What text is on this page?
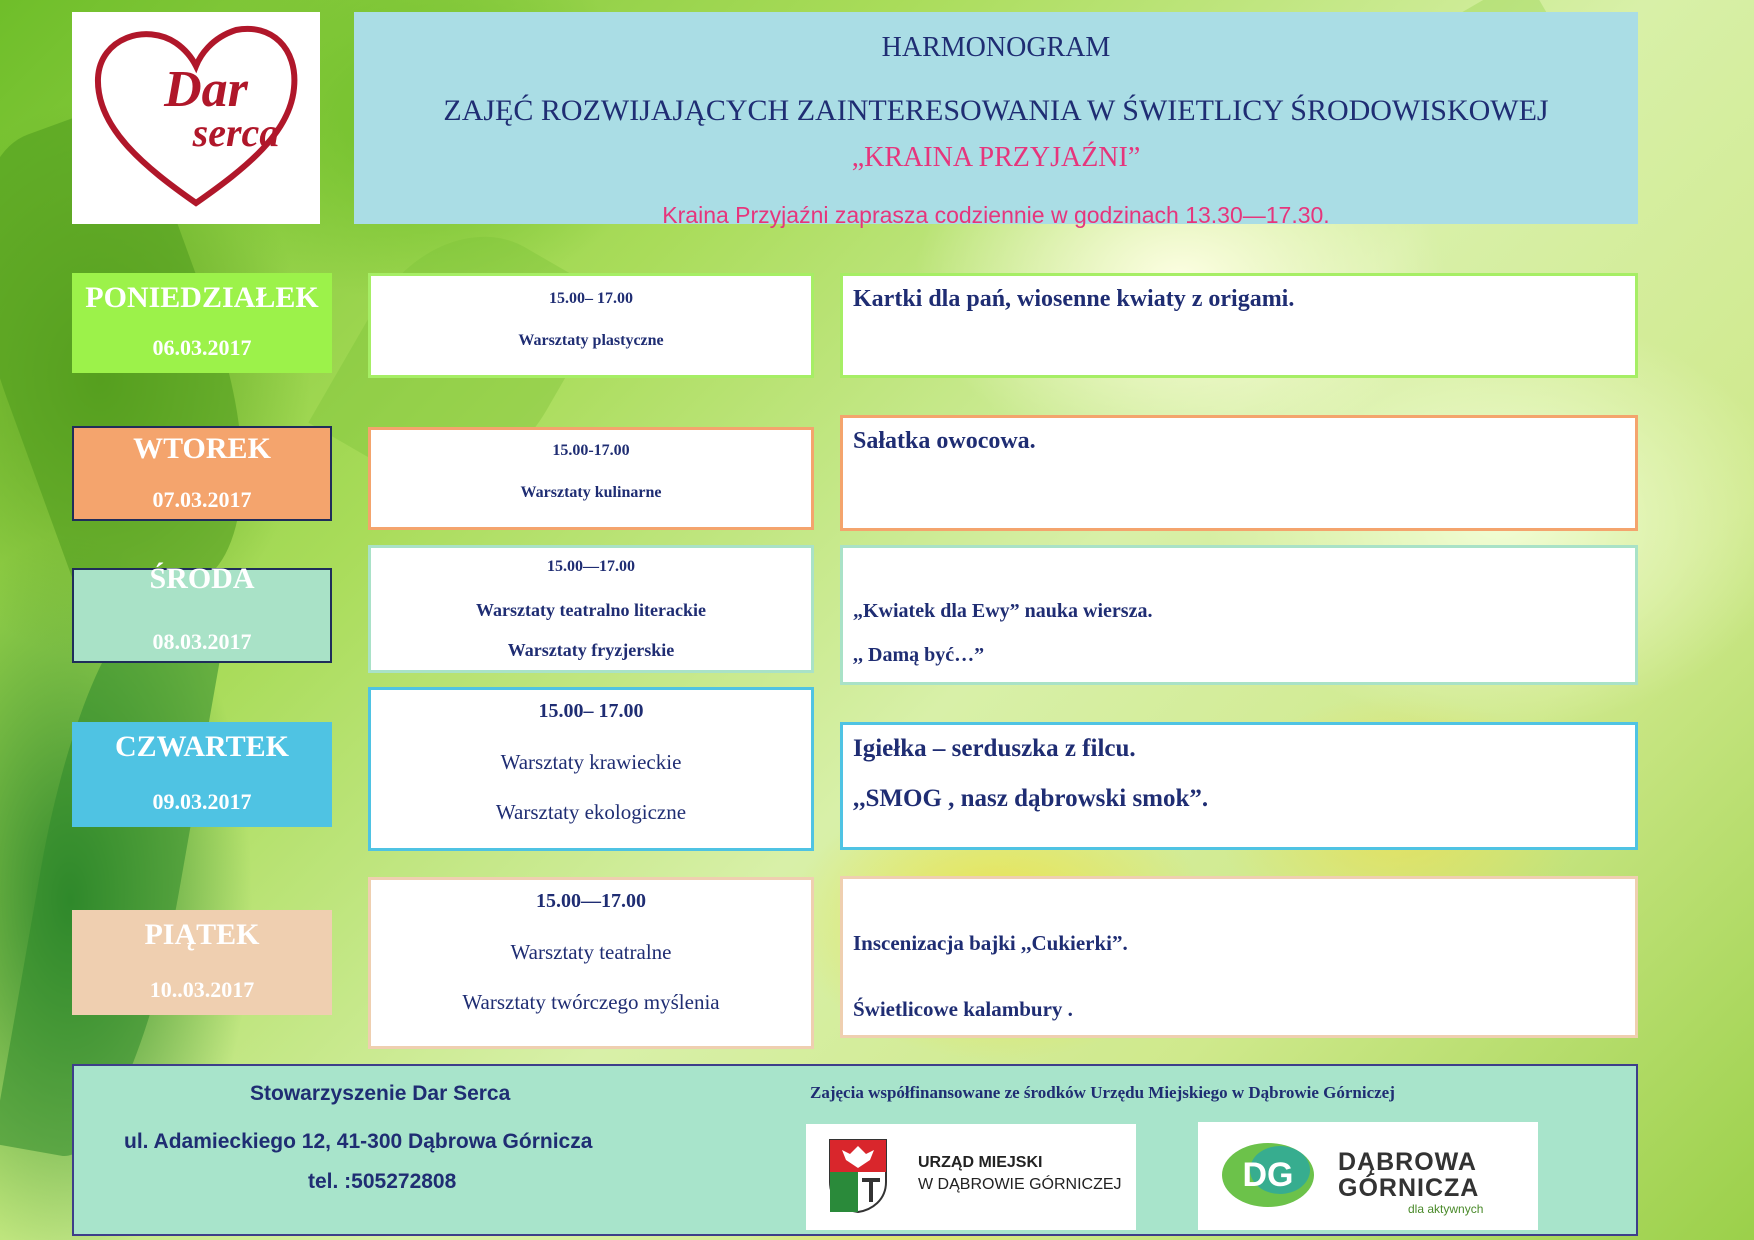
Dar
serca
HARMONOGRAM
ZAJĘĆ ROZWIJAJĄCYCH ZAINTERESOWANIA W ŚWIETLICY ŚRODOWISKOWEJ
„KRAINA PRZYJAŹNI”
Kraina Przyjaźni zaprasza codziennie w godzinach 13.30—17.30.
PONIEDZIAŁEK
06.03.2017
15.00– 17.00
Warsztaty plastyczne
Kartki dla pań, wiosenne kwiaty z origami.
WTOREK
07.03.2017
15.00-17.00
Warsztaty kulinarne
Sałatka owocowa.
ŚRODA
08.03.2017
15.00—17.00
Warsztaty teatralno literackie
Warsztaty fryzjerskie
„Kwiatek dla Ewy” nauka wiersza.
,, Damą być…”
CZWARTEK
09.03.2017
15.00– 17.00
Warsztaty krawieckie
Warsztaty ekologiczne
Igiełka – serduszka z filcu.
,,SMOG , nasz dąbrowski smok”.
PIĄTEK
10..03.2017
15.00—17.00
Warsztaty teatralne
Warsztaty twórczego myślenia
Inscenizacja bajki ,,Cukierki”.
Świetlicowe kalambury .
Stowarzyszenie Dar Serca
ul. Adamieckiego 12, 41-300 Dąbrowa Górnicza
tel. :505272808
Zajęcia współfinansowane ze środków Urzędu Miejskiego w Dąbrowie Górniczej
URZĄD MIEJSKI
W DĄBROWIE GÓRNICZEJ	DG DĄBROWA
GÓRNICZA
dla aktywnych
